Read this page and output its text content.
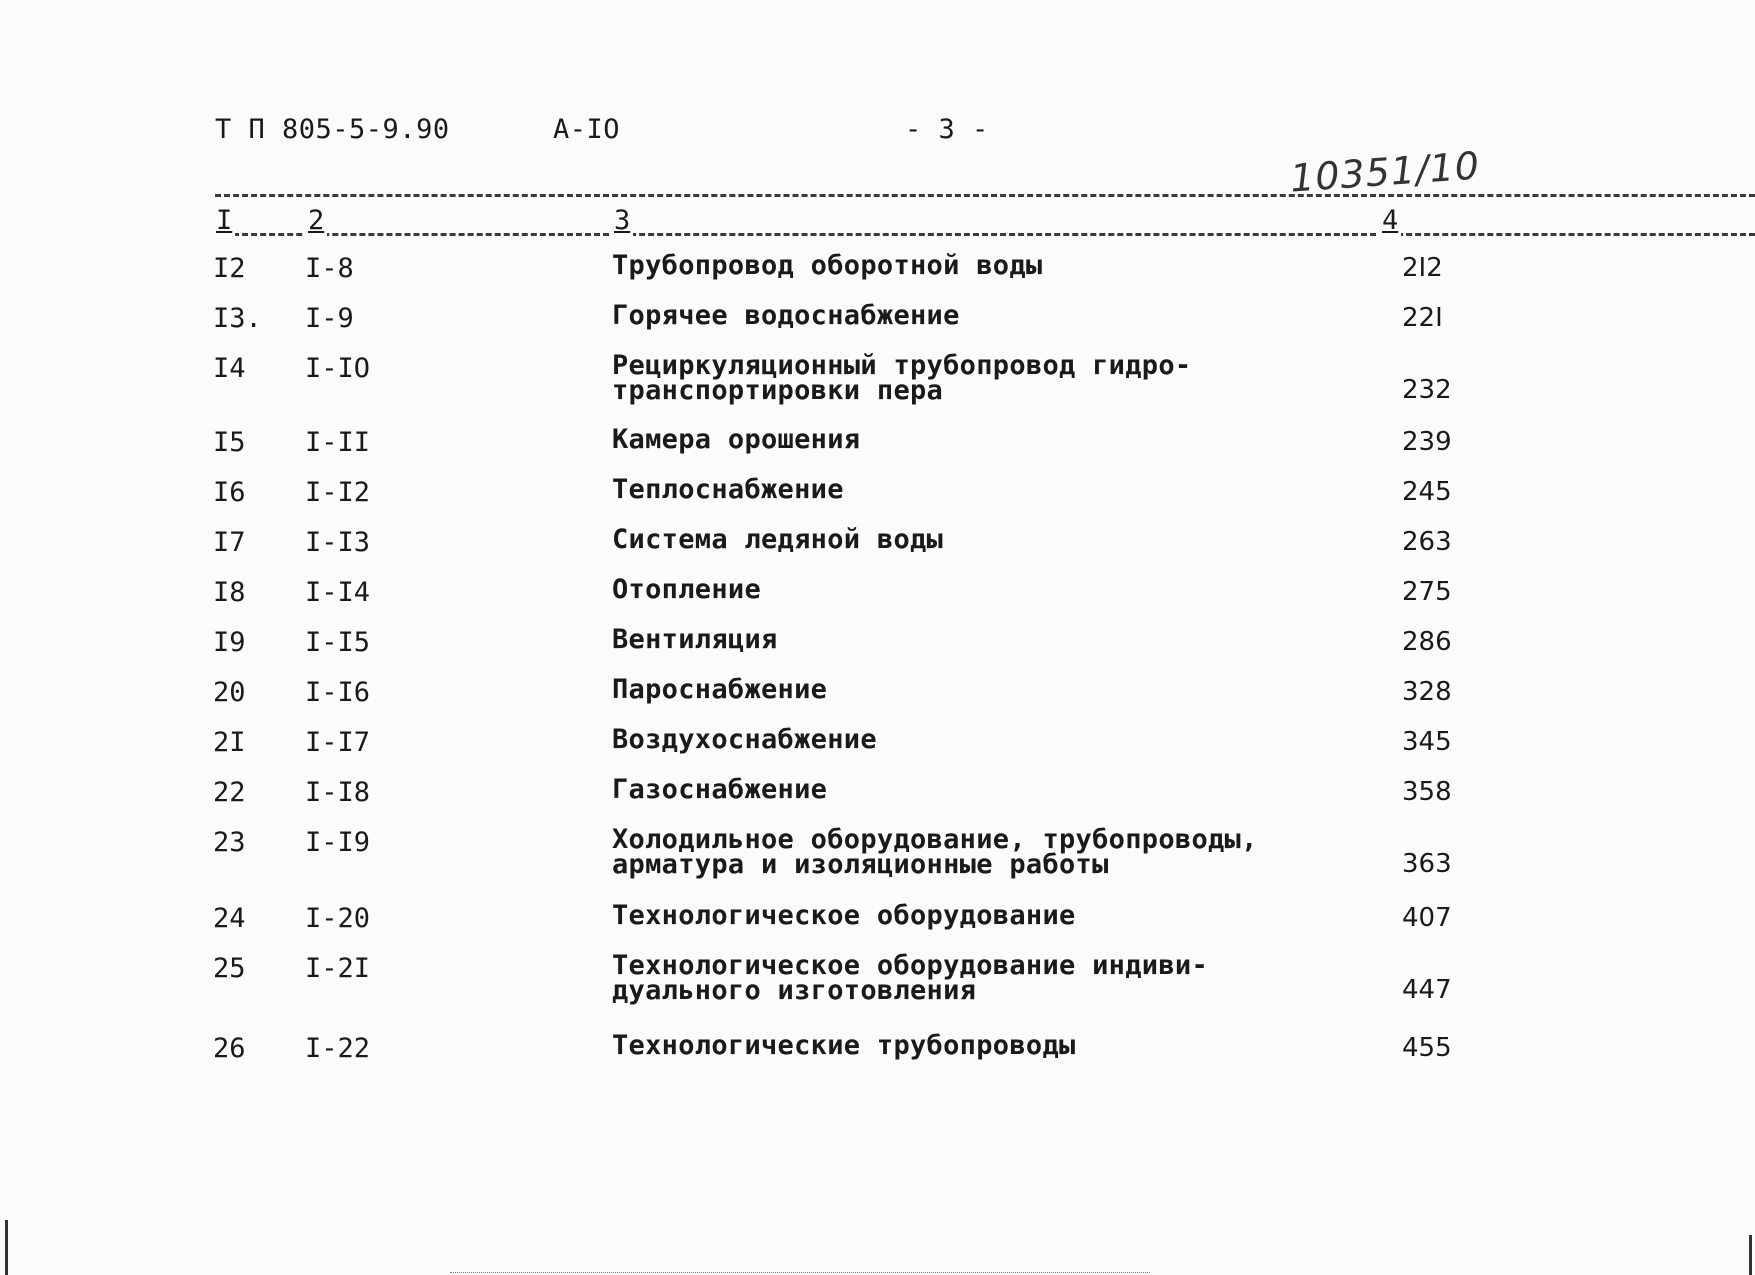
Т П 805-5-9.90	А-IО	- 3 -
10351/10
I	2	3	4
I2 I-8	Трубопровод оборотной воды	2I2
I3. I-9	Горячее водоснабжение	22I
I4 I-IО	Рециркуляционный трубопровод гидро-
транспортировки пера	232
I5 I-II	Камера орошения	239
I6 I-I2	Теплоснабжение	245
I7 I-I3	Система ледяной воды	263
I8 I-I4	Отопление	275
I9 I-I5	Вентиляция	286
20 I-I6	Пароснабжение	328
2I I-I7	Воздухоснабжение	345
22 I-I8	Газоснабжение	358
23 I-I9	Холодильное оборудование, трубопроводы,
арматура и изоляционные работы	363
24 I-20	Технологическое оборудование	407
25 I-2I	Технологическое оборудование индиви-
дуального изготовления	447
26 I-22	Технологические трубопроводы	455
